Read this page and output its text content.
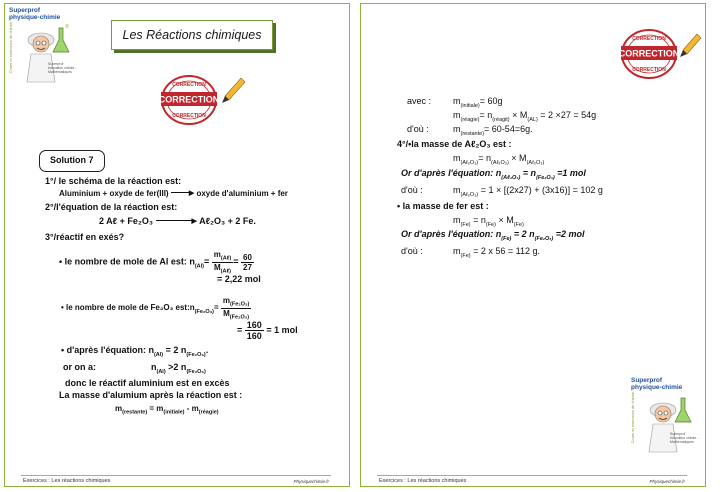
Superprof
physique-chimie
Cours et exercices de chimie	Superprof éducation chimie - Mathématiques
Les Réactions chimiques
CORRECTION
CORRECTION
CORRECTION
Solution 7
1°/ le schéma de la réaction est:
Aluminium + oxyde de fer(III)	▶ oxyde d'aluminium + fer
2°/l'équation de la réaction est:
2 Aℓ + Fe₂O₃	▶ Aℓ₂O₃ + 2 Fe.
3°/réactif en exés?
• le nombre de mole de Al est: $n_{(Al)}= \frac{m_{(A\ell)}}{M_{(A\ell)}} = \frac{60}{27}$
= 2,22 mol
• le nombre de mole de Fe₂O₃ $est:n_{(Fe_2O_3)}= \frac{m_{(Fe_2O_3)}}{M_{(Fe_2O_3)}}$
= $\frac{160}{160} = 1$ mol
• d'après l'équation: $n_{(Al)} = 2$ $n_{(Fe_2O_3)}$.
or on a:	$n_{(Al)} >2$ $n_{(Fe_2O_3)}$
donc le réactif aluminium est en excès
La masse d'alumium après la réaction est :
$m_{(restante)} = m_{(initiale)} - m_{(réagie)}$
Exercices : Les réactions chimiques	Physiquechimie.fr
CORRECTION
CORRECTION
CORRECTION
avec : $m_{(initiale)}= 60g$
$m_{(réagie)}= n_{(réagit)} \times M_{(AL)} = 2 \times 27 = 54g$
d'où :	$m_{(restante)}= 60-54=6g$.
4°/•la masse de Aℓ₂O₃ est :
$m_{(A\ell_2O_3)}= n_{(A\ell_2O_3)} \times M_{(A\ell_2O_3)}$
Or d'après l'équation: $n_{(A\ell_2O_3)} = n_{(Fe_2O_3)} =1$ mol
d'où :	$m_{(A\ell_2O_3)} = 1 \times [(2x27) + (3x16)] = 102$ g
• la masse de fer est :
$m_{(Fe)} = n_{(Fe)} \times M_{(Fe)}$
Or d'après l'équation: $n_{(Fe)} = 2$ $n_{(Fe_2O_3)} =2$ mol
d'où :	$m_{(Fe)} = 2$ x 56 = 112 g.
Superprof
physique-chimie
Cours et exercices de chimie	Superprof éducation chimie - Mathématiques
Exercices : Les réactions chimiques	Physiquechimie.fr
